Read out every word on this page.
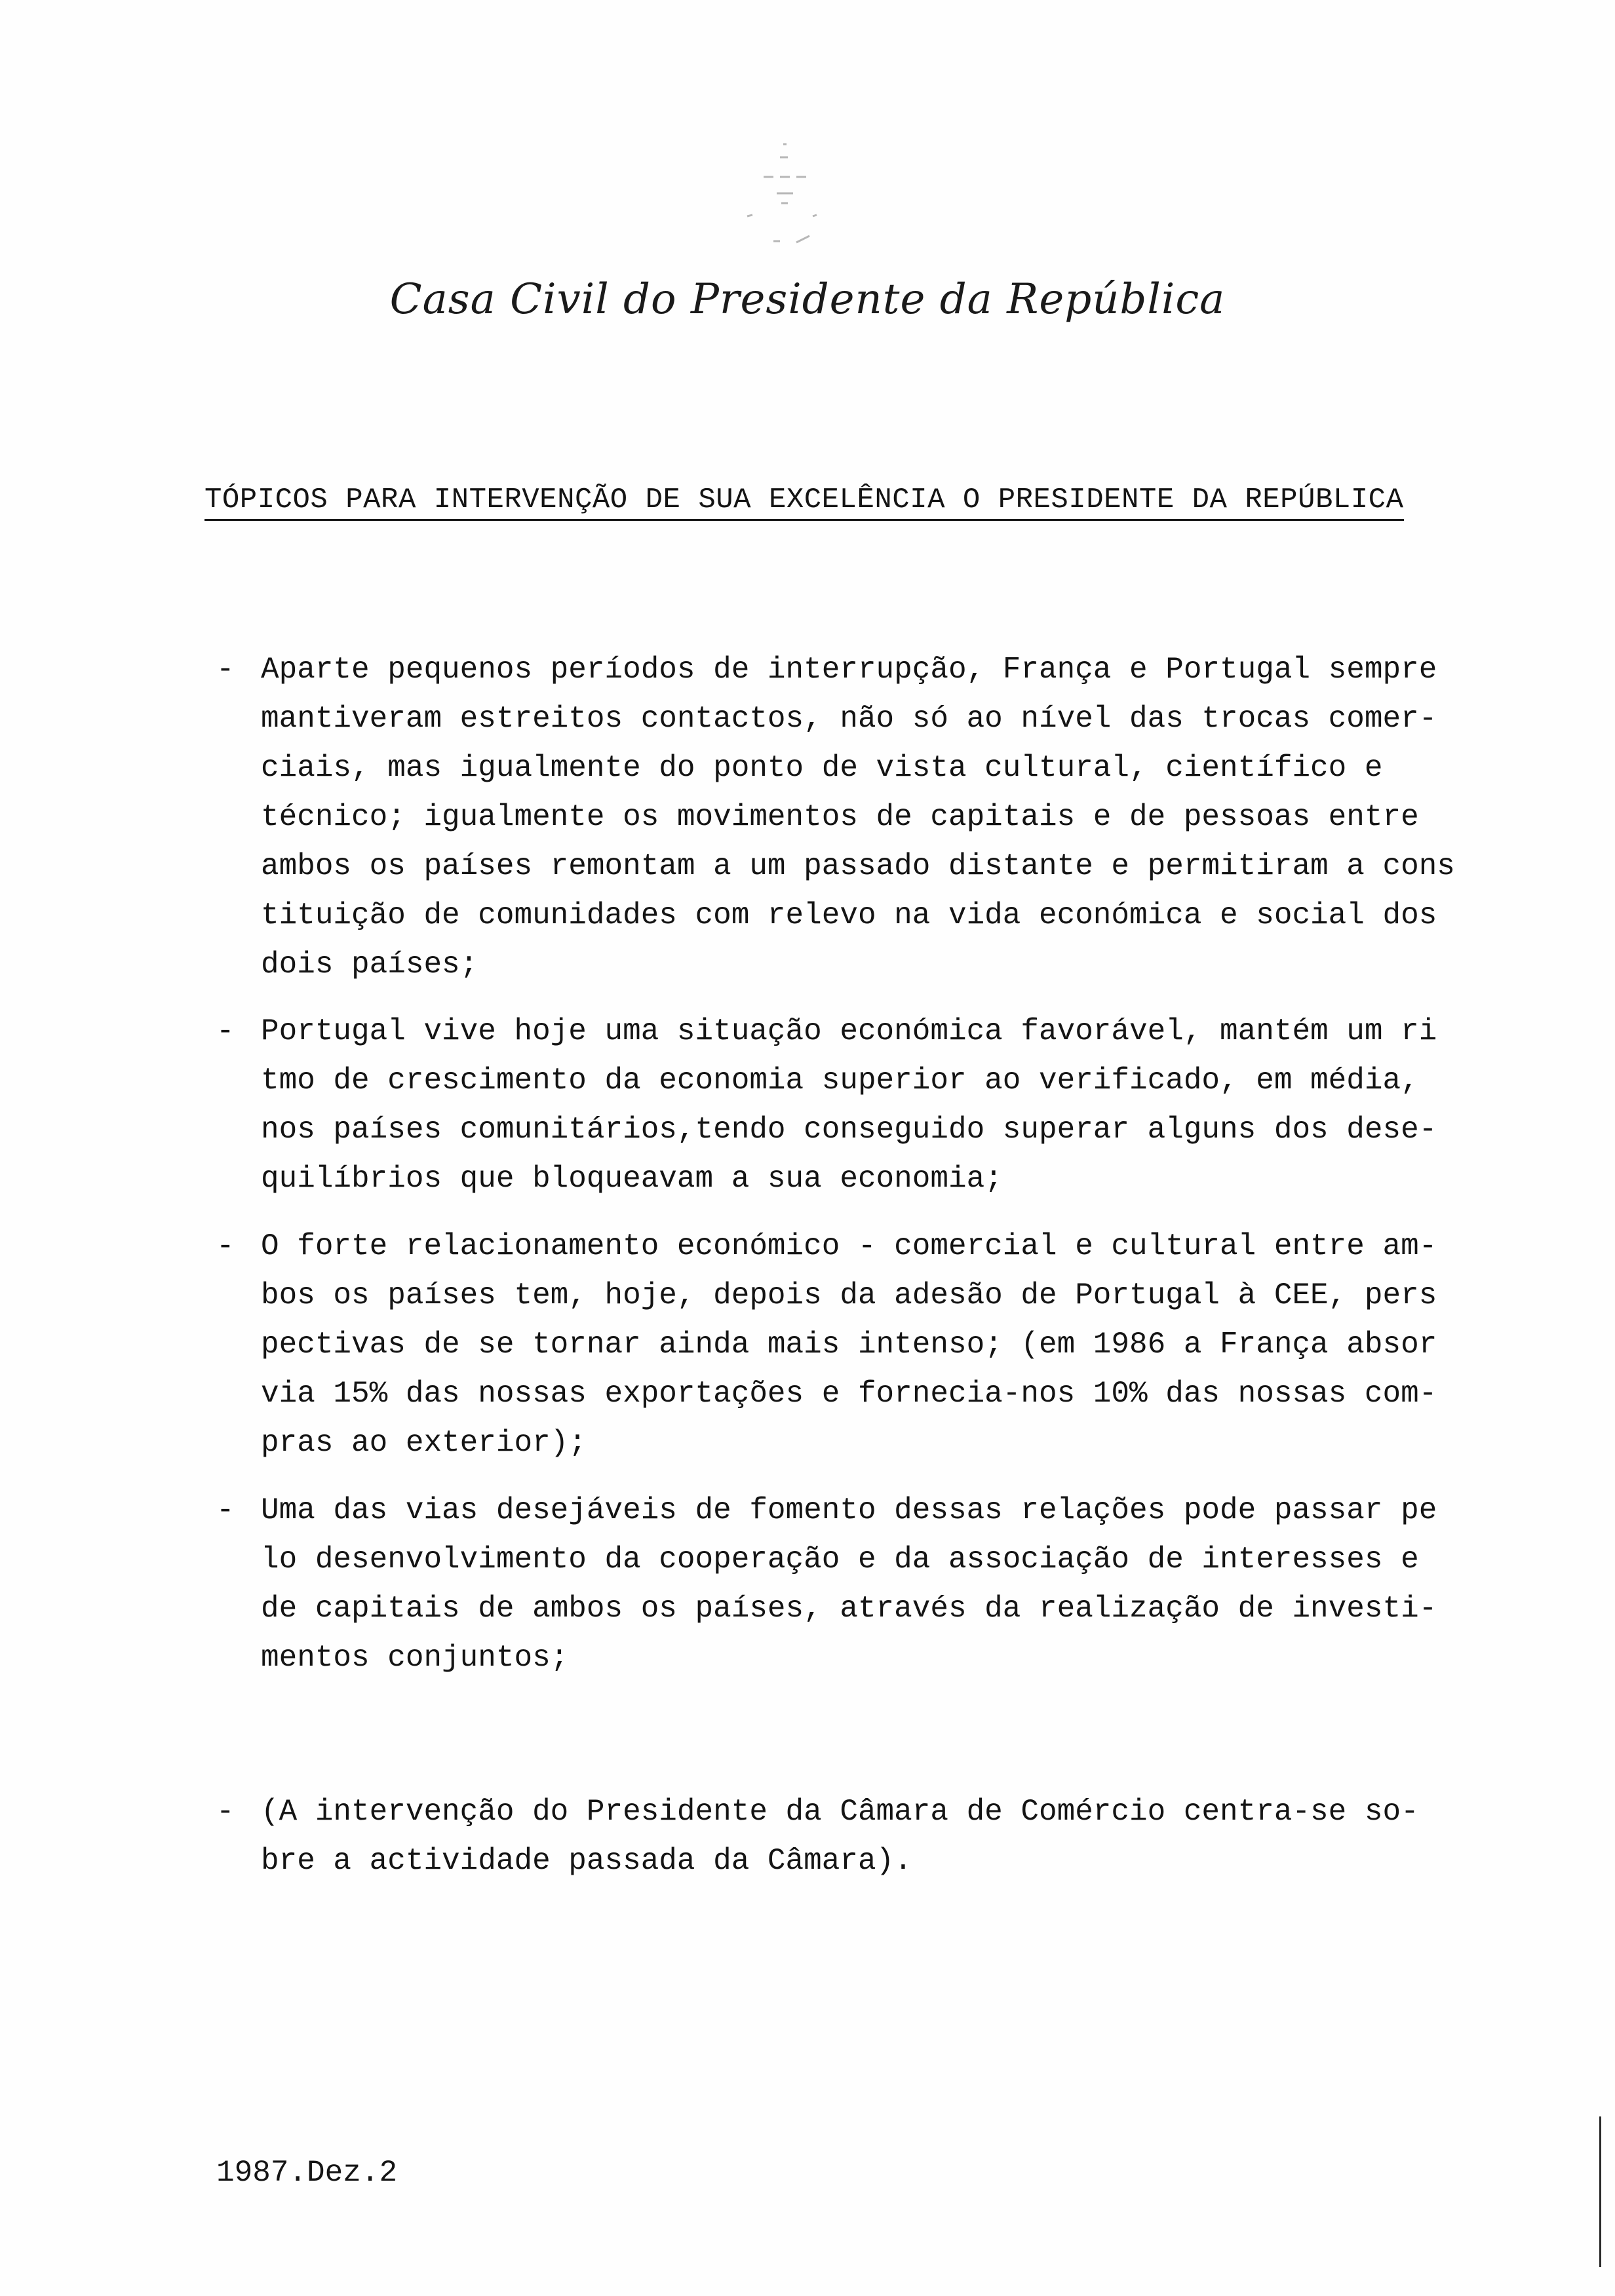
Casa Civil do Presidente da República
TÓPICOS PARA INTERVENÇÃO DE SUA EXCELÊNCIA O PRESIDENTE DA REPÚBLICA
- Aparte pequenos períodos de interrupção, França e Portugal sempre
mantiveram estreitos contactos, não só ao nível das trocas comer-
ciais, mas igualmente do ponto de vista cultural, científico e
técnico; igualmente os movimentos de capitais e de pessoas entre
ambos os países remontam a um passado distante e permitiram a cons
tituição de comunidades com relevo na vida económica e social dos
dois países;
- Portugal vive hoje uma situação económica favorável, mantém um ri
tmo de crescimento da economia superior ao verificado, em média,
nos países comunitários,tendo conseguido superar alguns dos dese-
quilíbrios que bloqueavam a sua economia;
- O forte relacionamento económico - comercial e cultural entre am-
bos os países tem, hoje, depois da adesão de Portugal à CEE, pers
pectivas de se tornar ainda mais intenso; (em 1986 a França absor
via 15% das nossas exportações e fornecia-nos 10% das nossas com-
pras ao exterior);
- Uma das vias desejáveis de fomento dessas relações pode passar pe
lo desenvolvimento da cooperação e da associação de interesses e
de capitais de ambos os países, através da realização de investi-
mentos conjuntos;
- (A intervenção do Presidente da Câmara de Comércio centra-se so-
bre a actividade passada da Câmara).
1987.Dez.2
